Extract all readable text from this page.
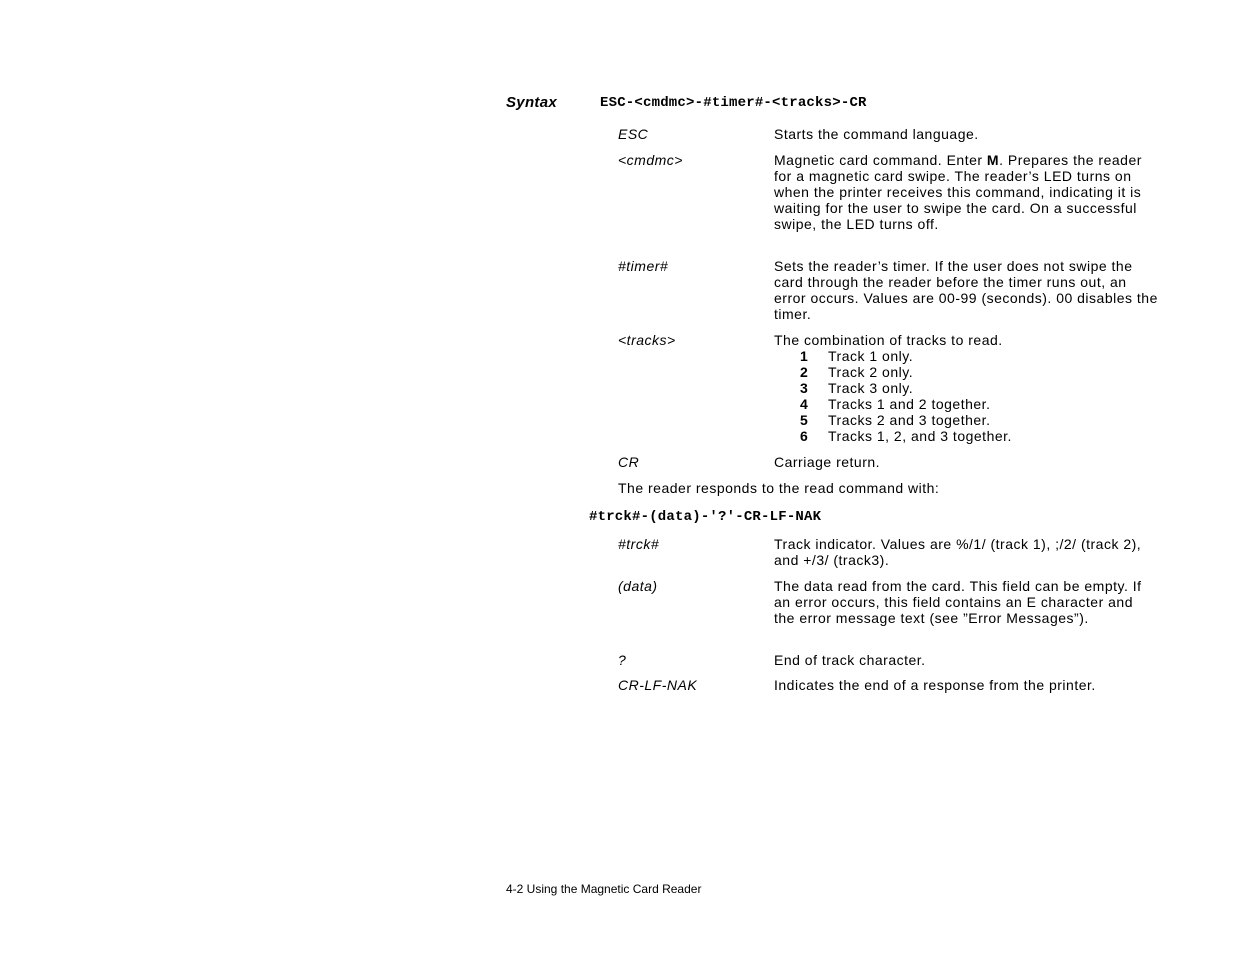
Syntax	ESC-<cmdmc>-#timer#-<tracks>-CR
ESC	Starts the command language.

<cmdmc>	Magnetic card command. Enter M. Prepares the reader for a magnetic card swipe. The reader’s LED turns on when the printer receives this command, indicating it is waiting for the user to swipe the card. On a successful swipe, the LED turns off.

#timer#	Sets the reader’s timer. If the user does not swipe the card through the reader before the timer runs out, an error occurs. Values are 00-99 (seconds). 00 disables the timer.

<tracks>	The combination of tracks to read.

1 Track 1 only.
2 Track 2 only.
3 Track 3 only.
4 Tracks 1 and 2 together.
5 Tracks 2 and 3 together.
6 Tracks 1, 2, and 3 together.
CR	Carriage return.

The reader responds to the read command with:
#trck#-(data)-'?'-CR-LF-NAK
#trck#	Track indicator. Values are %/1/ (track 1), ;/2/ (track 2), and +/3/ (track3).

(data)	The data read from the card. This field can be empty. If an error occurs, this field contains an E character and the error message text (see ”Error Messages”).

?	End of track character.

CR-LF-NAK	Indicates the end of a response from the printer.

4-2 Using the Magnetic Card Reader
